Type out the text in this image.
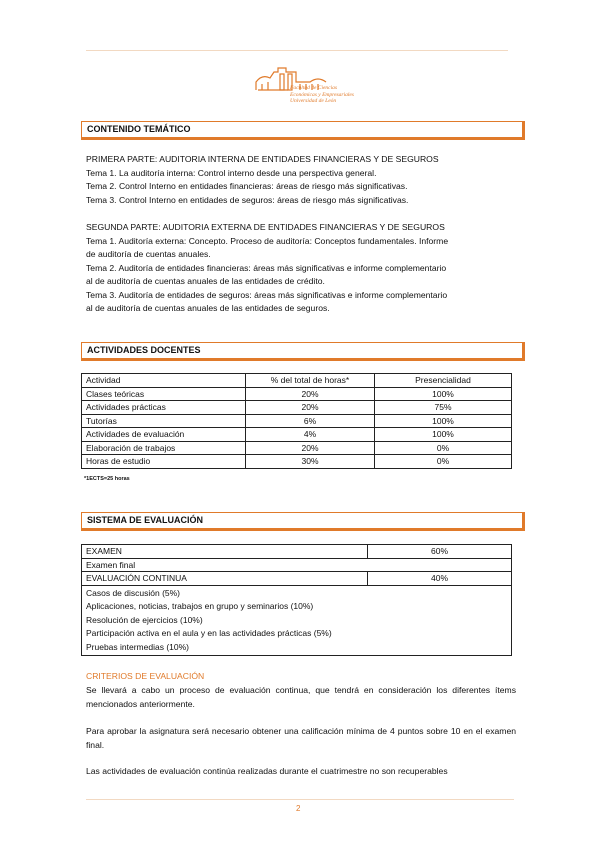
Facultad de Ciencias
Económicas y Empresariales
Universidad de León
CONTENIDO TEMÁTICO

PRIMERA PARTE: AUDITORIA INTERNA DE ENTIDADES FINANCIERAS Y DE SEGUROS

Tema 1. La auditoría interna: Control interno desde una perspectiva general.

Tema 2. Control Interno en entidades financieras: áreas de riesgo más significativas.

Tema 3. Control Interno en entidades de seguros: áreas de riesgo más significativas.

SEGUNDA PARTE: AUDITORIA EXTERNA DE ENTIDADES FINANCIERAS Y DE SEGUROS

Tema 1. Auditoría externa: Concepto. Proceso de auditoría: Conceptos fundamentales. Informe

de auditoría de cuentas anuales.

Tema 2. Auditoría de entidades financieras: áreas más significativas e informe complementario

al de auditoría de cuentas anuales de las entidades de crédito.

Tema 3. Auditoría de entidades de seguros: áreas más significativas e informe complementario

al de auditoría de cuentas anuales de las entidades de seguros.

ACTIVIDADES DOCENTES
Actividad	% del total de horas*	Presencialidad
Clases teóricas	20%	100%
Actividades prácticas	20%	75%
Tutorías	6%	100%
Actividades de evaluación	4%	100%
Elaboración de trabajos	20%	0%
Horas de estudio	30%	0%
*1ECTS=25 horas
SISTEMA DE EVALUACIÓN
EXAMEN	60%
Examen final	
EVALUACIÓN CONTINUA	40%

Casos de discusión (5%)
Aplicaciones, noticias, trabajos en grupo y seminarios (10%)
Resolución de ejercicios (10%)
Participación activa en el aula y en las actividades prácticas (5%)
Pruebas intermedias (10%)	
CRITERIOS DE EVALUACIÓN
Se llevará a cabo un proceso de evaluación continua, que tendrá en consideración los diferentes ítems mencionados anteriormente.
Para aprobar la asignatura será necesario obtener una calificación mínima de 4 puntos sobre 10 en el examen final.
Las actividades de evaluación continúa realizadas durante el cuatrimestre no son recuperables
2
